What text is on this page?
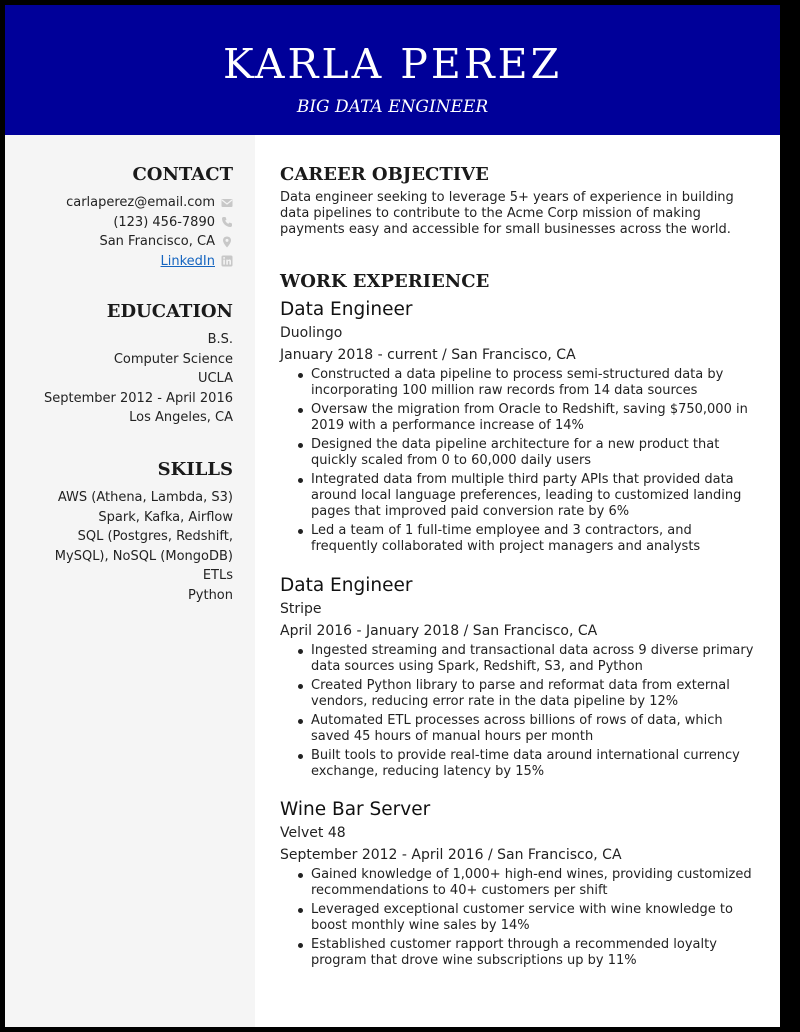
KARLA PEREZ
BIG DATA ENGINEER
CONTACT
carlaperez@email.com
(123) 456-7890
San Francisco, CA
LinkedIn
EDUCATION
B.S.
Computer Science
UCLA
September 2012 - April 2016
Los Angeles, CA
SKILLS
AWS (Athena, Lambda, S3)
Spark, Kafka, Airflow
SQL (Postgres, Redshift,
MySQL), NoSQL (MongoDB)
ETLs
Python
CAREER OBJECTIVE
Data engineer seeking to leverage 5+ years of experience in building data pipelines to contribute to the Acme Corp mission of making payments easy and accessible for small businesses across the world.
WORK EXPERIENCE
Data Engineer
Duolingo
January 2018 - current / San Francisco, CA
Constructed a data pipeline to process semi-structured data by incorporating 100 million raw records from 14 data sources
Oversaw the migration from Oracle to Redshift, saving $750,000 in 2019 with a performance increase of 14%
Designed the data pipeline architecture for a new product that quickly scaled from 0 to 60,000 daily users
Integrated data from multiple third party APIs that provided data around local language preferences, leading to customized landing pages that improved paid conversion rate by 6%
Led a team of 1 full-time employee and 3 contractors, and frequently collaborated with project managers and analysts
Data Engineer
Stripe
April 2016 - January 2018 / San Francisco, CA
Ingested streaming and transactional data across 9 diverse primary data sources using Spark, Redshift, S3, and Python
Created Python library to parse and reformat data from external vendors, reducing error rate in the data pipeline by 12%
Automated ETL processes across billions of rows of data, which saved 45 hours of manual hours per month
Built tools to provide real-time data around international currency exchange, reducing latency by 15%
Wine Bar Server
Velvet 48
September 2012 - April 2016 / San Francisco, CA
Gained knowledge of 1,000+ high-end wines, providing customized recommendations to 40+ customers per shift
Leveraged exceptional customer service with wine knowledge to boost monthly wine sales by 14%
Established customer rapport through a recommended loyalty program that drove wine subscriptions up by 11%
